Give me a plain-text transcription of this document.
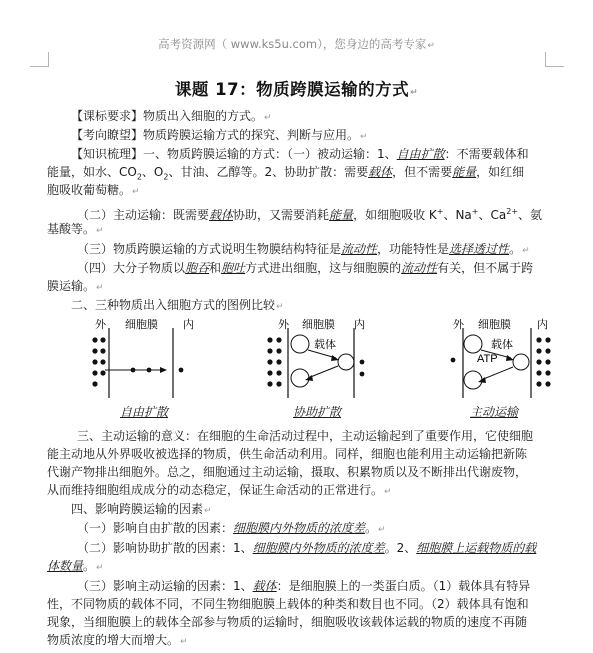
高考资源网（ www.ks5u.com），您身边的高考专家↵
课题 17：物质跨膜运输的方式↵
【课标要求】物质出入细胞的方式。↵
【考向瞭望】物质跨膜运输方式的探究、判断与应用。↵
【知识梳理】一、物质跨膜运输的方式：（一）被动运输：1、自由扩散：不需要载体和
能量，如水、$CO_2$、$O_2$、甘油、乙醇等。2、协助扩散：需要载体，但不需要能量，如红细
胞吸收葡萄糖。↵
（二）主动运输：既需要载体协助，又需要消耗能量，如细胞吸收 K+、Na+、$Ca^{2+}$、氨
基酸等。↵
（三）物质跨膜运输的方式说明生物膜结构特征是流动性，功能特性是选择透过性。↵
（四）大分子物质以胞吞和胞吐方式进出细胞，这与细胞膜的流动性有关，但不属于跨
膜运输。↵
二、三种物质出入细胞方式的图例比较↵
外 细胞膜 内	外 细胞膜 内
载体
外 细胞膜 内
载体
ATP
自由扩散	协助扩散	主动运输
三、主动运输的意义：在细胞的生命活动过程中，主动运输起到了重要作用，它使细胞
能主动地从外界吸收被选择的物质，供生命活动利用。同样，细胞也能利用主动运输把新陈
代谢产物排出细胞外。总之，细胞通过主动运输，摄取、积累物质以及不断排出代谢废物，
从而维持细胞组成成分的动态稳定，保证生命活动的正常进行。↵
四、影响跨膜运输的因素↵
（一）影响自由扩散的因素：细胞膜内外物质的浓度差。↵
（二）影响协助扩散的因素：1、细胞膜内外物质的浓度差。2、细胞膜上运载物质的载
体数量。↵
（三）影响主动运输的因素：1、载体：是细胞膜上的一类蛋白质。（1）载体具有特异
性，不同物质的载体不同，不同生物细胞膜上载体的种类和数目也不同。（2）载体具有饱和
现象，当细胞膜上的载体全部参与物质的运输时，细胞吸收该载体运载的物质的速度不再随
物质浓度的增大而增大。↵
